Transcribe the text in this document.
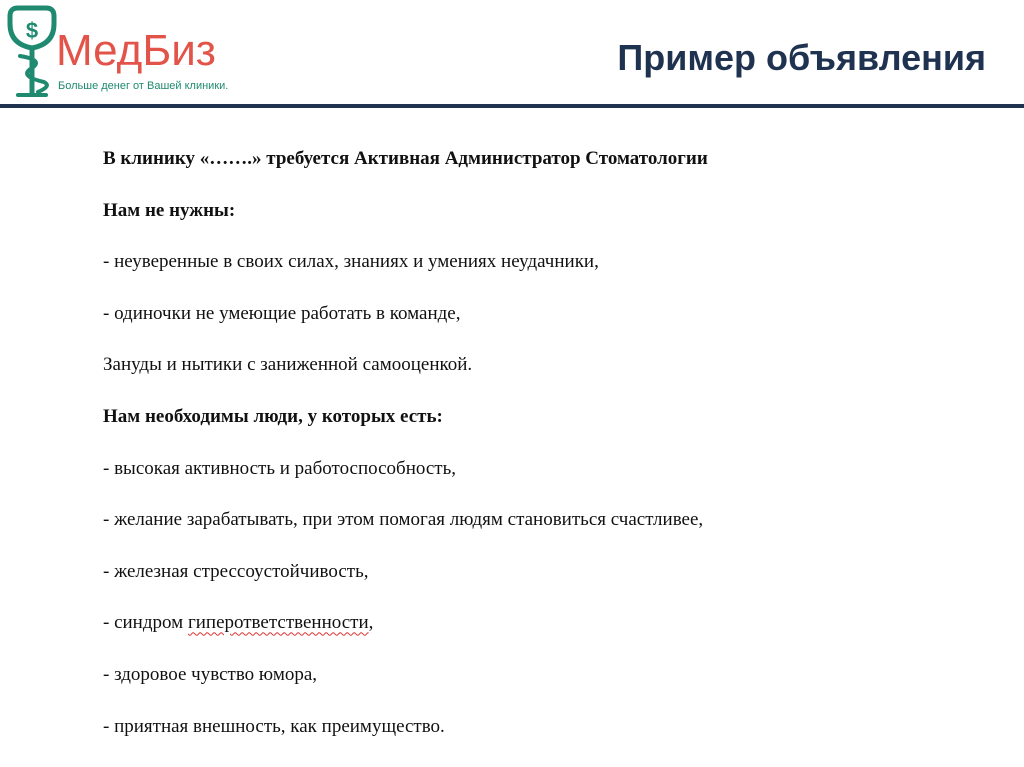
$ МедБиз
Больше денег от Вашей клиники.
Пример объявления
В клинику «…….» требуется Активная Администратор Стоматологии
Нам не нужны:
- неуверенные в своих силах, знаниях и умениях неудачники,
- одиночки не умеющие работать в команде,
Зануды и нытики с заниженной самооценкой.
Нам необходимы люди, у которых есть:
- высокая активность и работоспособность,
- желание зарабатывать, при этом помогая людям становиться счастливее,
- железная стрессоустойчивость,
- синдром гиперответственности,
- здоровое чувство юмора,
- приятная внешность, как преимущество.
